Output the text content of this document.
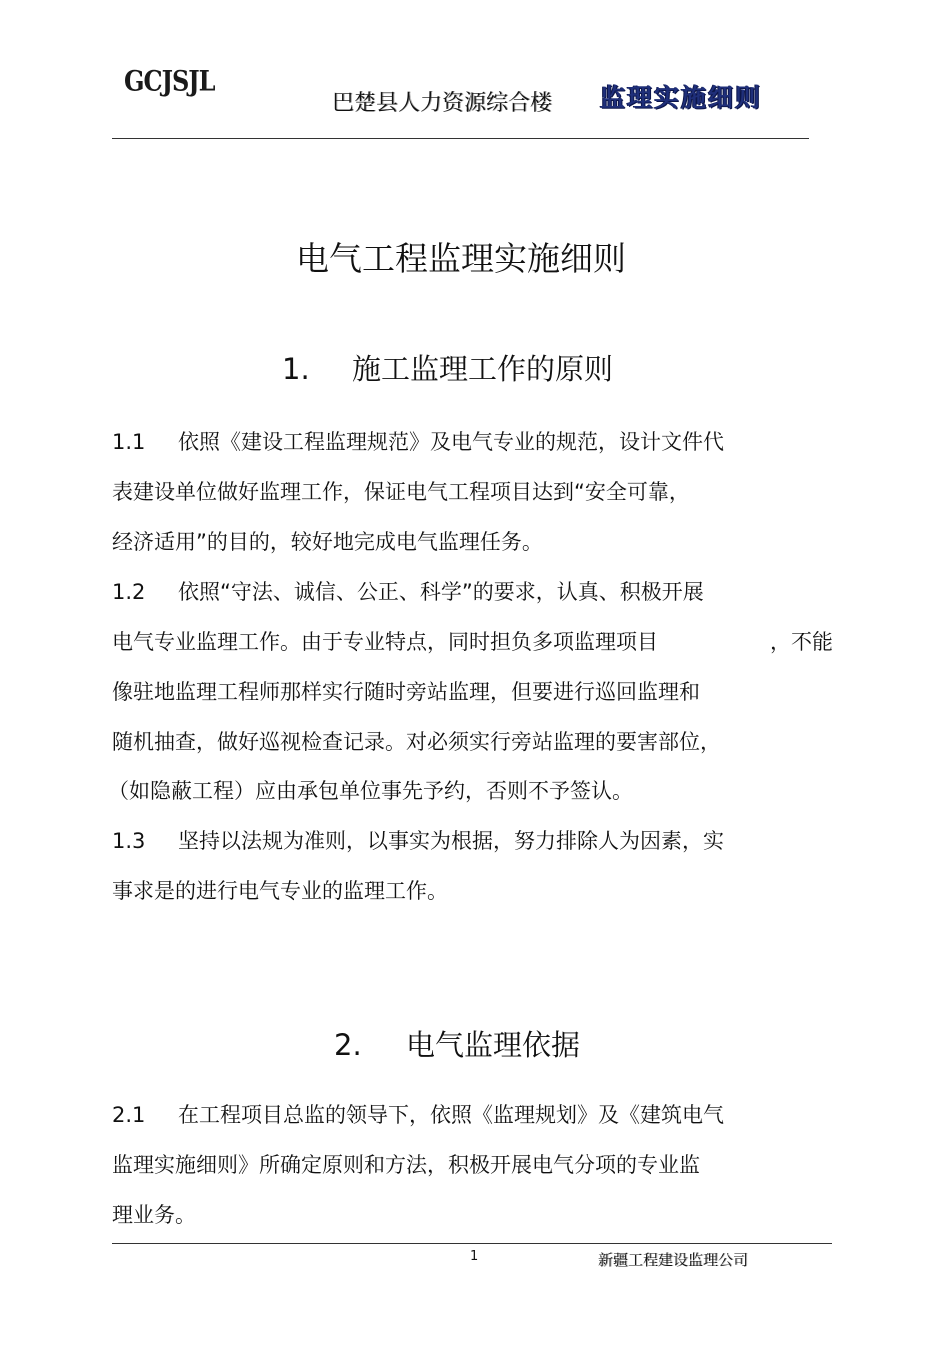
GCJSJL
巴楚县人力资源综合楼 监理实施细则
电气工程监理实施细则
1. 施工监理工作的原则
1.1 依照《建设工程监理规范》及电气专业的规范，设计文件代
表建设单位做好监理工作，保证电气工程项目达到“安全可靠，
经济适用”的目的，较好地完成电气监理任务。
1.2 依照“守法、诚信、公正、科学”的要求，认真、积极开展
电气专业监理工作。由于专业特点，同时担负多项监理项目	，不能
像驻地监理工程师那样实行随时旁站监理，但要进行巡回监理和
随机抽查，做好巡视检查记录。对必须实行旁站监理的要害部位，
（如隐蔽工程）应由承包单位事先予约，否则不予签认。
1.3 坚持以法规为准则，以事实为根据，努力排除人为因素，实
事求是的进行电气专业的监理工作。
2. 电气监理依据
2.1 在工程项目总监的领导下，依照《监理规划》及《建筑电气
监理实施细则》所确定原则和方法，积极开展电气分项的专业监
理业务。
1	新疆工程建设监理公司
